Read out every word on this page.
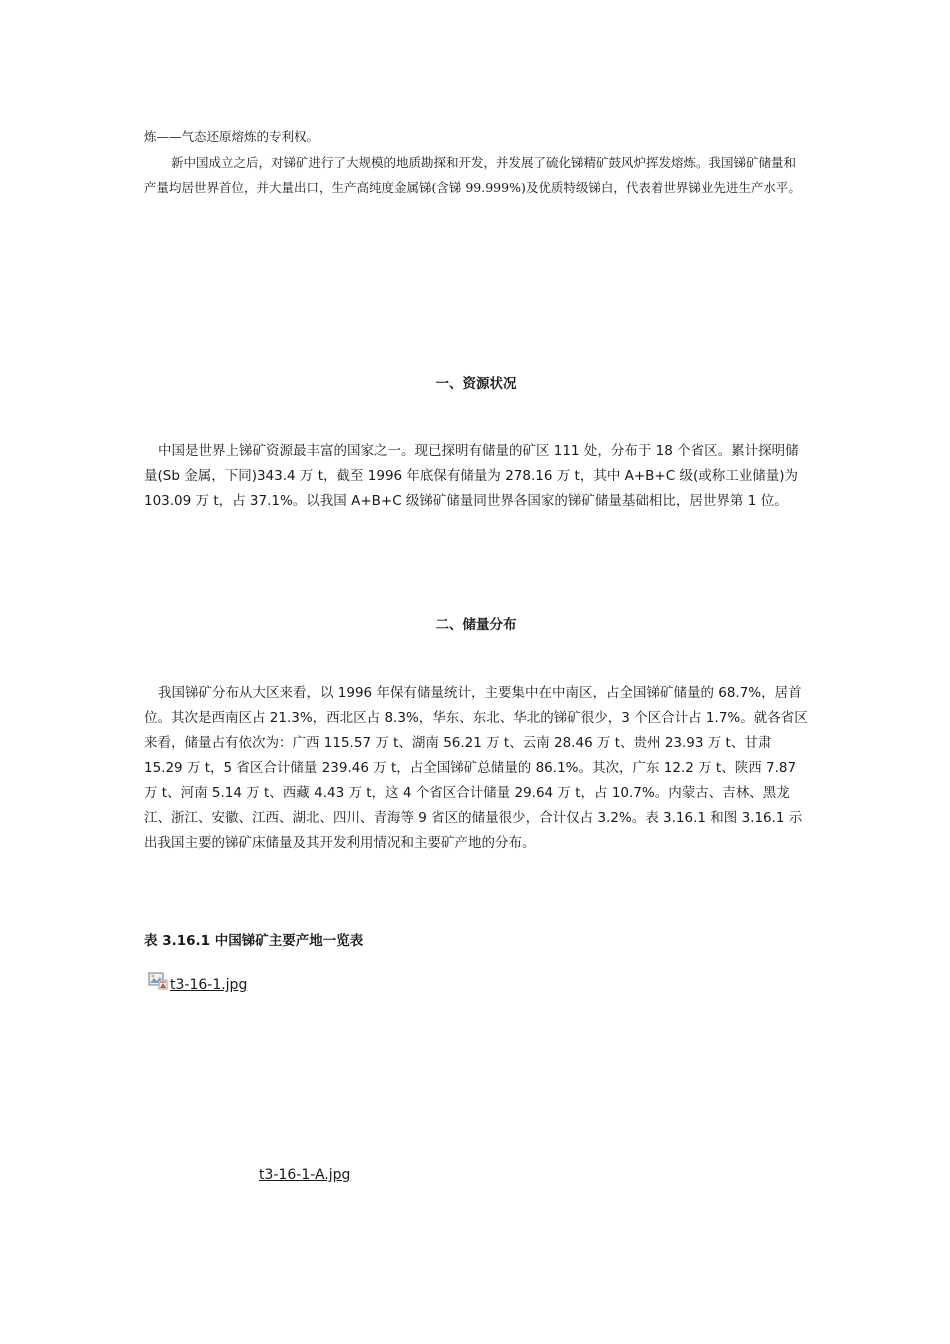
炼——气态还原熔炼的专利权。

新中国成立之后，对锑矿进行了大规模的地质勘探和开发，并发展了硫化锑精矿鼓风炉挥发熔炼。我国锑矿储量和产量均居世界首位，并大量出口，生产高纯度金属锑(含锑 99.999%)及优质特级锑白，代表着世界锑业先进生产水平。

一、资源状况

中国是世界上锑矿资源最丰富的国家之一。现已探明有储量的矿区 111 处，分布于 18 个省区。累计探明储量(Sb 金属，下同)343.4 万 t，截至 1996 年底保有储量为 278.16 万 t，其中 A+B+C 级(或称工业储量)为 103.09 万 t，占 37.1%。以我国 A+B+C 级锑矿储量同世界各国家的锑矿储量基础相比，居世界第 1 位。

二、储量分布

我国锑矿分布从大区来看，以 1996 年保有储量统计，主要集中在中南区，占全国锑矿储量的 68.7%，居首位。其次是西南区占 21.3%，西北区占 8.3%，华东、东北、华北的锑矿很少，3 个区合计占 1.7%。就各省区来看，储量占有依次为：广西 115.57 万 t、湖南 56.21 万 t、云南 28.46 万 t、贵州 23.93 万 t、甘肃 15.29 万 t，5 省区合计储量 239.46 万 t，占全国锑矿总储量的 86.1%。其次，广东 12.2 万 t、陕西 7.87 万 t、河南 5.14 万 t、西藏 4.43 万 t，这 4 个省区合计储量 29.64 万 t，占 10.7%。内蒙古、吉林、黑龙江、浙江、安徽、江西、湖北、四川、青海等 9 省区的储量很少，合计仅占 3.2%。表 3.16.1 和图 3.16.1 示出我国主要的锑矿床储量及其开发利用情况和主要矿产地的分布。

表 3.16.1 中国锑矿主要产地一览表

t3-16-1.jpg
t3-16-1-A.jpg
